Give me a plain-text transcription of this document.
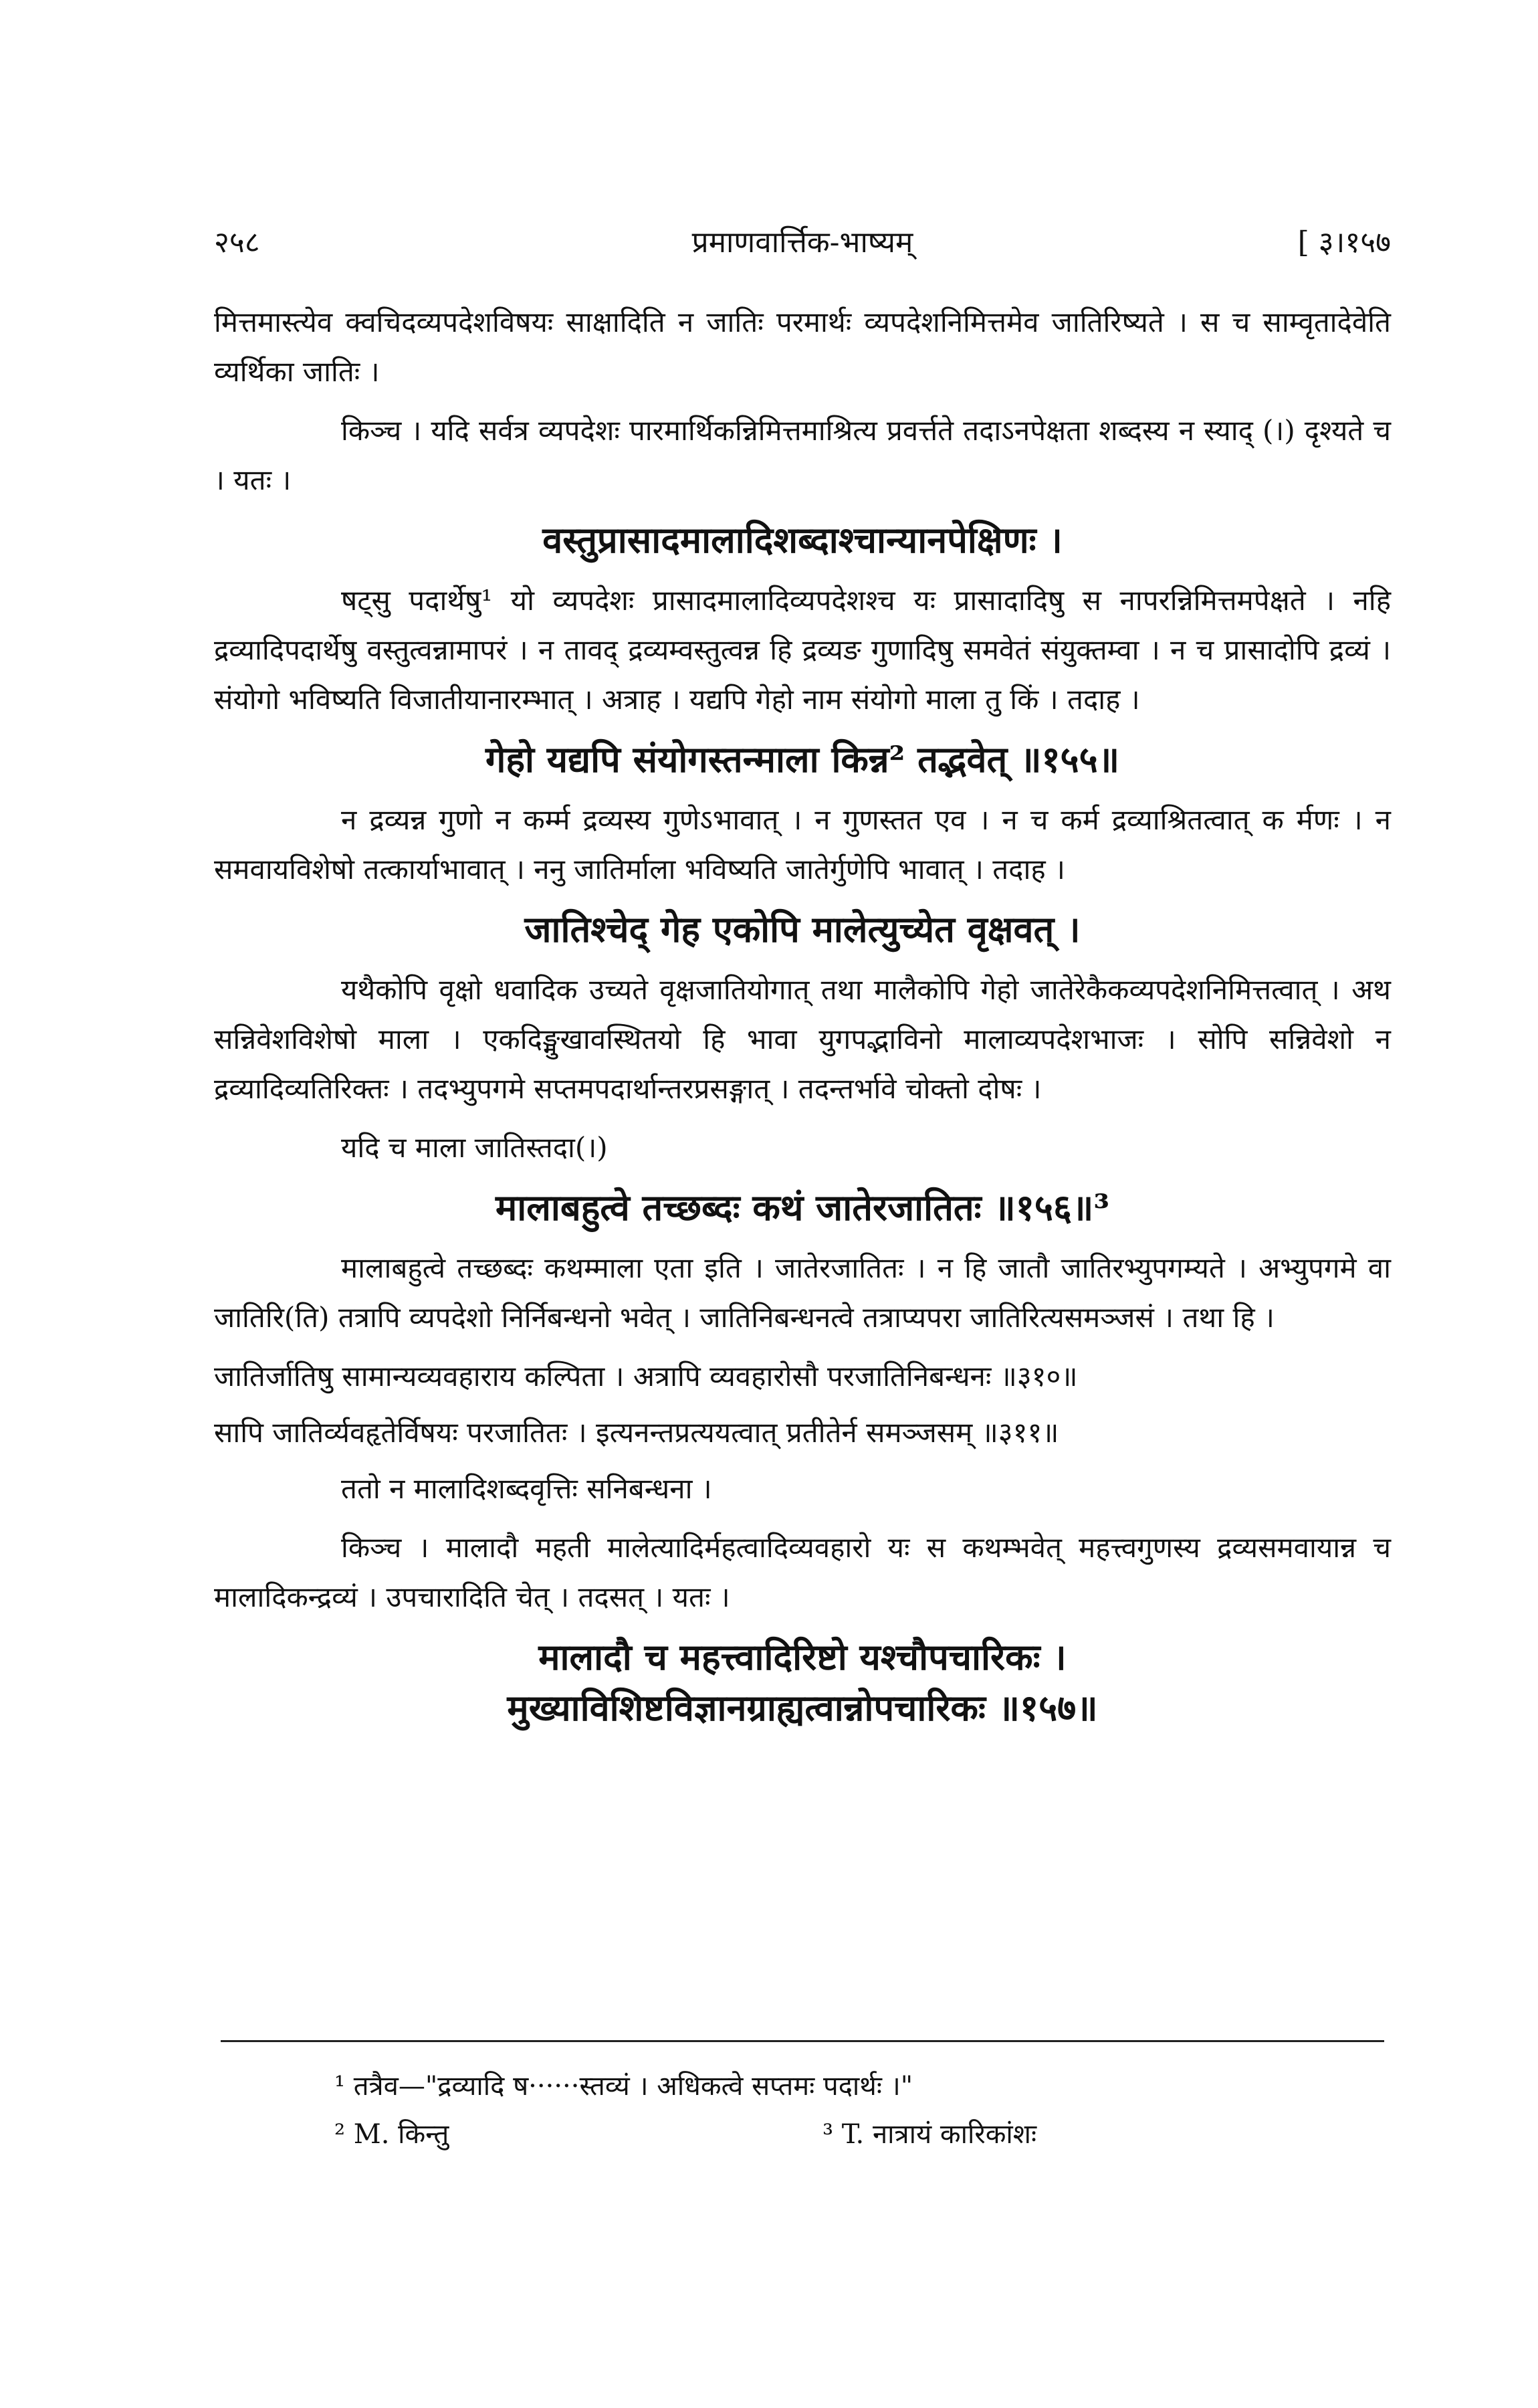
२५८	प्रमाणवार्त्तिक-भाष्यम्	[ ३।१५७

मित्तमास्त्येव क्वचिदव्यपदेशविषयः साक्षादिति न जातिः परमार्थः व्यपदेशनिमित्तमेव जातिरिष्यते । स च साम्वृतादेवेति व्यर्थिका जातिः ।

किञ्च । यदि सर्वत्र व्यपदेशः पारमार्थिकन्निमित्तमाश्रित्य प्रवर्त्तते तदाऽनपेक्षता शब्दस्य न स्याद् (।) दृश्यते च । यतः ।

वस्तुप्रासादमालादिशब्दाश्चान्यानपेक्षिणः ।

षट्सु पदार्थेषु¹ यो व्यपदेशः प्रासादमालादिव्यपदेशश्च यः प्रासादादिषु स नापरन्निमित्तमपेक्षते । नहि द्रव्यादिपदार्थेषु वस्तुत्वन्नामापरं । न तावद् द्रव्यम्वस्तुत्वन्न हि द्रव्यङ गुणादिषु समवेतं संयुक्तम्वा । न च प्रासादोपि द्रव्यं । संयोगो भविष्यति विजातीयानारम्भात् । अत्राह । यद्यपि गेहो नाम संयोगो माला तु किं । तदाह ।

गेहो यद्यपि संयोगस्तन्माला किन्न² तद्भवेत् ॥१५५॥

न द्रव्यन्न गुणो न कर्म्म द्रव्यस्य गुणेऽभावात् । न गुणस्तत एव । न च कर्म द्रव्याश्रितत्वात् क र्मणः । न समवायविशेषो तत्कार्याभावात् । ननु जातिर्माला भविष्यति जातेर्गुणेपि भावात् । तदाह ।

जातिश्चेद् गेह एकोपि मालेत्युच्येत वृक्षवत् ।

यथैकोपि वृक्षो धवादिक उच्यते वृक्षजातियोगात् तथा मालैकोपि गेहो जातेरेकैकव्यपदेशनिमित्तत्वात् । अथ सन्निवेशविशेषो माला । एकदिङ्मुखावस्थितयो हि भावा युगपद्भाविनो मालाव्यपदेशभाजः । सोपि सन्निवेशो न द्रव्यादिव्यतिरिक्तः । तदभ्युपगमे सप्तमपदार्थान्तरप्रसङ्गात् । तदन्तर्भावे चोक्तो दोषः ।

यदि च माला जातिस्तदा(।)

मालाबहुत्वे तच्छब्दः कथं जातेरजातितः ॥१५६॥³

मालाबहुत्वे तच्छब्दः कथम्माला एता इति । जातेरजातितः । न हि जातौ जातिरभ्युपगम्यते । अभ्युपगमे वा जातिरि(ति) तत्रापि व्यपदेशो निर्निबन्धनो भवेत् । जातिनिबन्धनत्वे तत्राप्यपरा जातिरित्यसमञ्जसं । तथा हि ।

जातिर्जातिषु सामान्यव्यवहाराय कल्पिता । अत्रापि व्यवहारोसौ परजातिनिबन्धनः ॥३१०॥
सापि जातिर्व्यवहृतेर्विषयः परजातितः । इत्यनन्तप्रत्ययत्वात् प्रतीतेर्न समञ्जसम् ॥३११॥

ततो न मालादिशब्दवृत्तिः सनिबन्धना ।

किञ्च । मालादौ महती मालेत्यादिर्महत्वादिव्यवहारो यः स कथम्भवेत् महत्त्वगुणस्य द्रव्यसमवायान्न च मालादिकन्द्रव्यं । उपचारादिति चेत् । तदसत् । यतः ।

मालादौ च महत्त्वादिरिष्टो यश्चौपचारिकः ।
मुख्याविशिष्टविज्ञानग्राह्यत्वान्नोपचारिकः ॥१५७॥
¹ तत्रैव—"द्रव्यादि ष······स्तव्यं । अधिकत्वे सप्तमः पदार्थः ।"
² M. किन्तु	³ T. नात्रायं कारिकांशः
